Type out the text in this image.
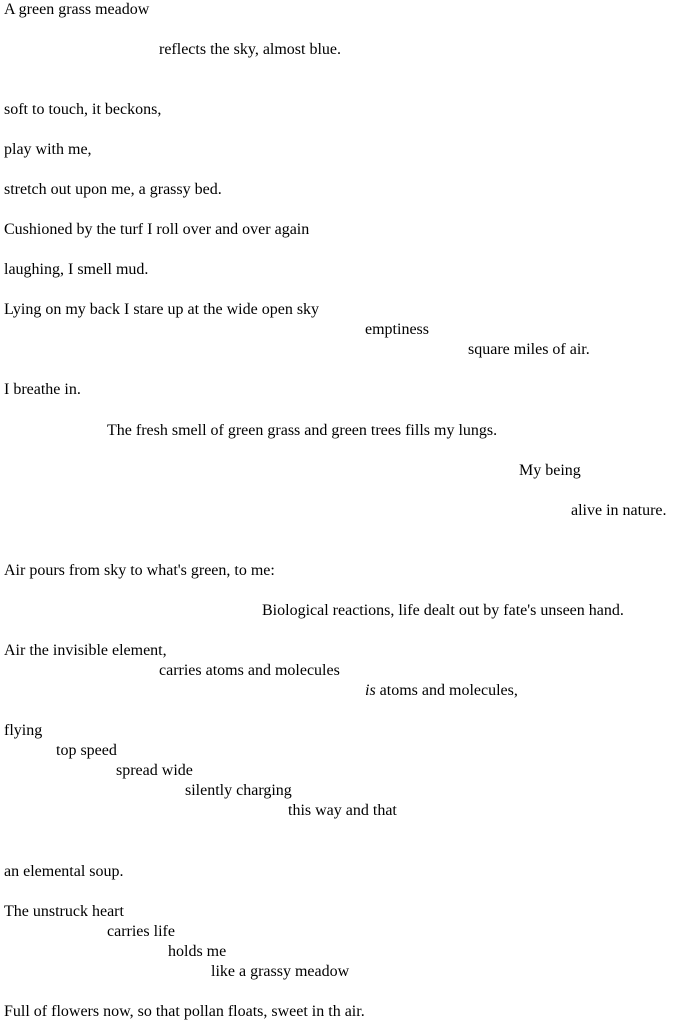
A green grass meadow
reflects the sky, almost blue.
soft to touch, it beckons,
play with me,
stretch out upon me, a grassy bed.
Cushioned by the turf I roll over and over again
laughing, I smell mud.
Lying on my back I stare up at the wide open sky
emptiness
square miles of air.
I breathe in.
The fresh smell of green grass and green trees fills my lungs.
My being
alive in nature.
Air pours from sky to what's green, to me:
Biological reactions, life dealt out by fate's unseen hand.
Air the invisible element,
carries atoms and molecules
is atoms and molecules,
flying
top speed
spread wide
silently charging
this way and that
an elemental soup.
The unstruck heart
carries life
holds me
like a grassy meadow
Full of flowers now, so that pollan floats, sweet in th air.
